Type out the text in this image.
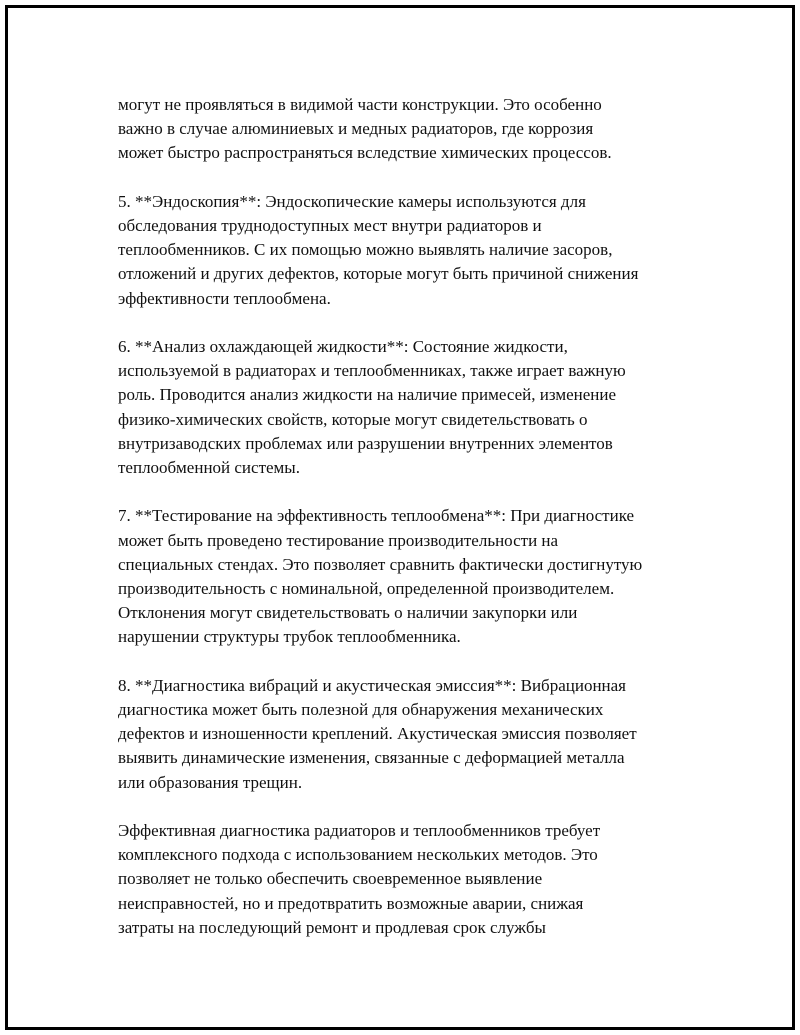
могут не проявляться в видимой части конструкции. Это особенно
важно в случае алюминиевых и медных радиаторов, где коррозия
может быстро распространяться вследствие химических процессов.

5. **Эндоскопия**: Эндоскопические камеры используются для
обследования труднодоступных мест внутри радиаторов и
теплообменников. С их помощью можно выявлять наличие засоров,
отложений и других дефектов, которые могут быть причиной снижения
эффективности теплообмена.

6. **Анализ охлаждающей жидкости**: Состояние жидкости,
используемой в радиаторах и теплообменниках, также играет важную
роль. Проводится анализ жидкости на наличие примесей, изменение
физико-химических свойств, которые могут свидетельствовать о
внутризаводских проблемах или разрушении внутренних элементов
теплообменной системы.

7. **Тестирование на эффективность теплообмена**: При диагностике
может быть проведено тестирование производительности на
специальных стендах. Это позволяет сравнить фактически достигнутую
производительность с номинальной, определенной производителем.
Отклонения могут свидетельствовать о наличии закупорки или
нарушении структуры трубок теплообменника.

8. **Диагностика вибраций и акустическая эмиссия**: Вибрационная
диагностика может быть полезной для обнаружения механических
дефектов и изношенности креплений. Акустическая эмиссия позволяет
выявить динамические изменения, связанные с деформацией металла
или образования трещин.

Эффективная диагностика радиаторов и теплообменников требует
комплексного подхода с использованием нескольких методов. Это
позволяет не только обеспечить своевременное выявление
неисправностей, но и предотвратить возможные аварии, снижая
затраты на последующий ремонт и продлевая срок службы
